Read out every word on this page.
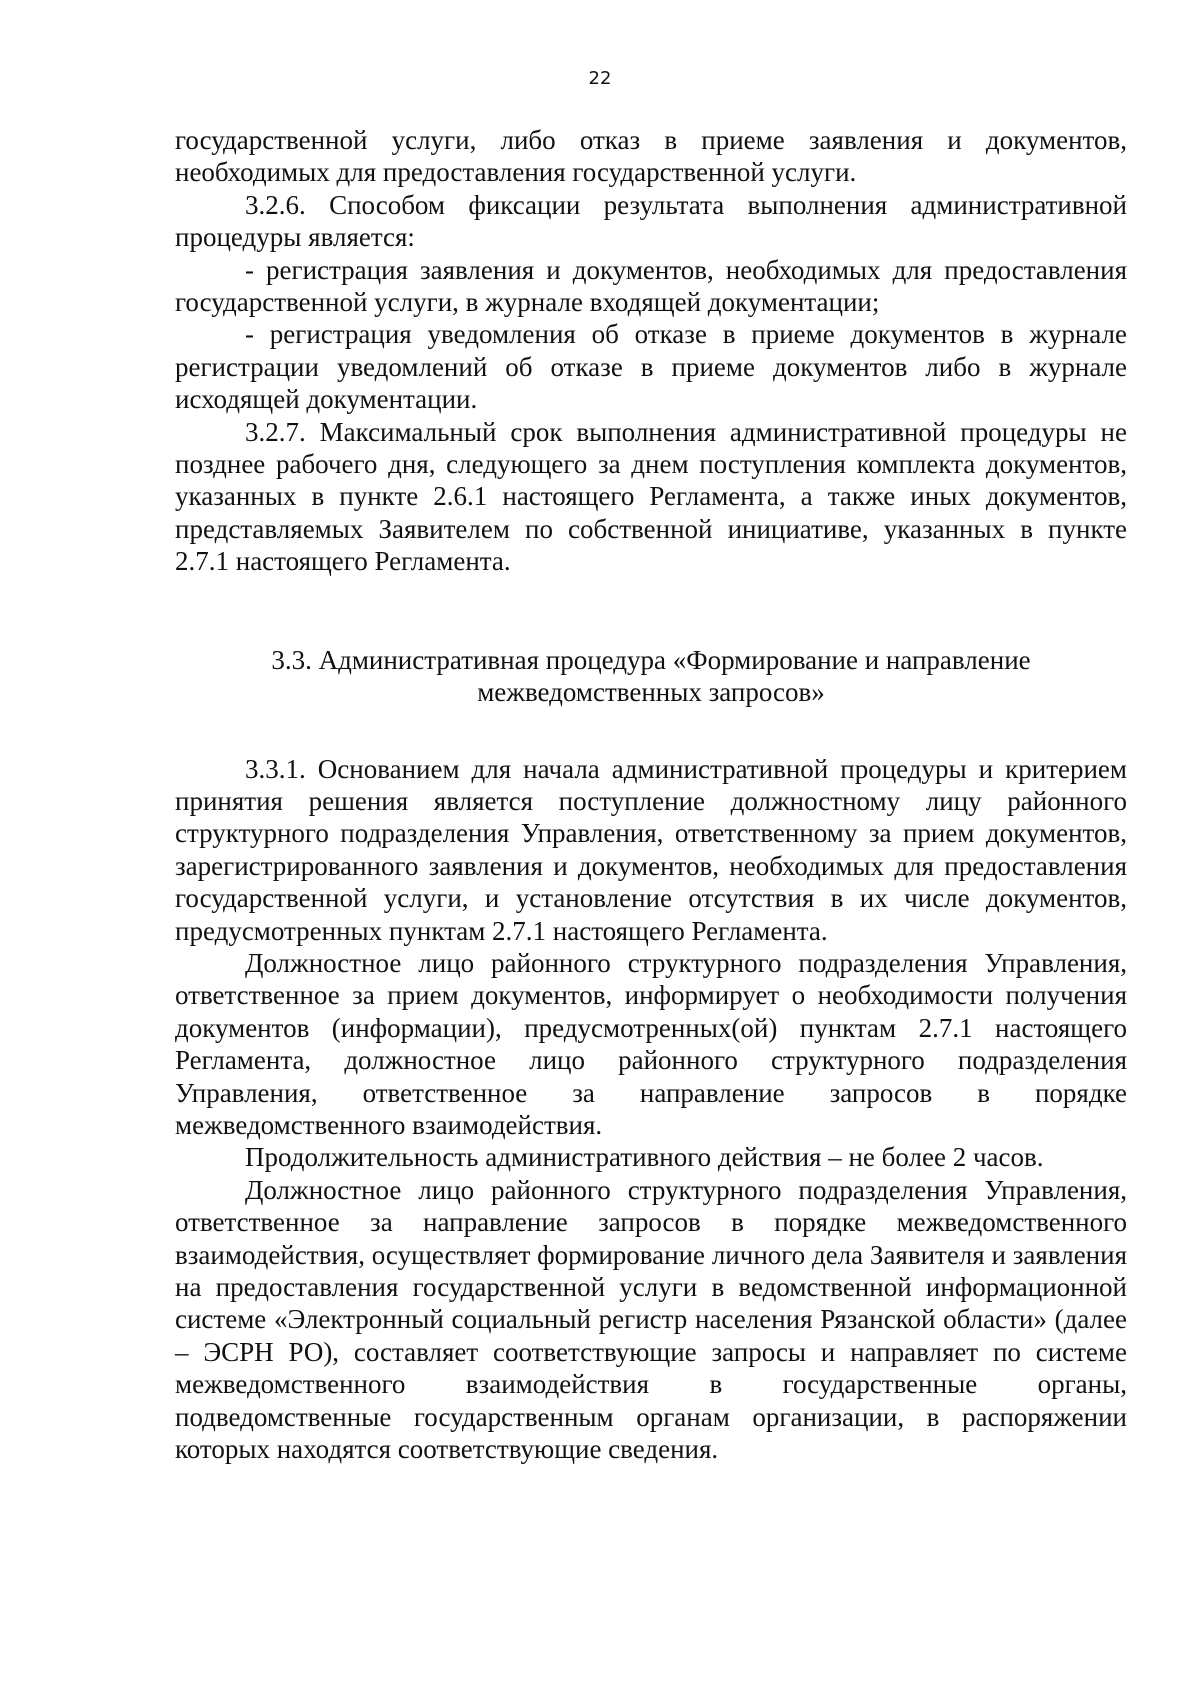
22

государственной услуги, либо отказ в приеме заявления и документов, необходимых для предоставления государственной услуги.

3.2.6. Способом фиксации результата выполнения административной процедуры является:

- регистрация заявления и документов, необходимых для предоставления государственной услуги, в журнале входящей документации;

- регистрация уведомления об отказе в приеме документов в журнале регистрации уведомлений об отказе в приеме документов либо в журнале исходящей документации.

3.2.7. Максимальный срок выполнения административной процедуры не позднее рабочего дня, следующего за днем поступления комплекта документов, указанных в пункте 2.6.1 настоящего Регламента, а также иных документов, представляемых Заявителем по собственной инициативе, указанных в пункте 2.7.1 настоящего Регламента.

3.3. Административная процедура «Формирование и направление
межведомственных запросов»

3.3.1. Основанием для начала административной процедуры и критерием принятия решения является поступление должностному лицу районного структурного подразделения Управления, ответственному за прием документов, зарегистрированного заявления и документов, необходимых для предоставления государственной услуги, и установление отсутствия в их числе документов, предусмотренных пунктам 2.7.1 настоящего Регламента.

Должностное лицо районного структурного подразделения Управления, ответственное за прием документов, информирует о необходимости получения документов (информации), предусмотренных(ой) пунктам 2.7.1 настоящего Регламента, должностное лицо районного структурного подразделения Управления, ответственное за направление запросов в порядке межведомственного взаимодействия.

Продолжительность административного действия – не более 2 часов.

Должностное лицо районного структурного подразделения Управления, ответственное за направление запросов в порядке межведомственного взаимодействия, осуществляет формирование личного дела Заявителя и заявления на предоставления государственной услуги в ведомственной информационной системе «Электронный социальный регистр населения Рязанской области» (далее – ЭСРН РО), составляет соответствующие запросы и направляет по системе межведомственного взаимодействия в государственные органы, подведомственные государственным органам организации, в распоряжении которых находятся соответствующие сведения.
